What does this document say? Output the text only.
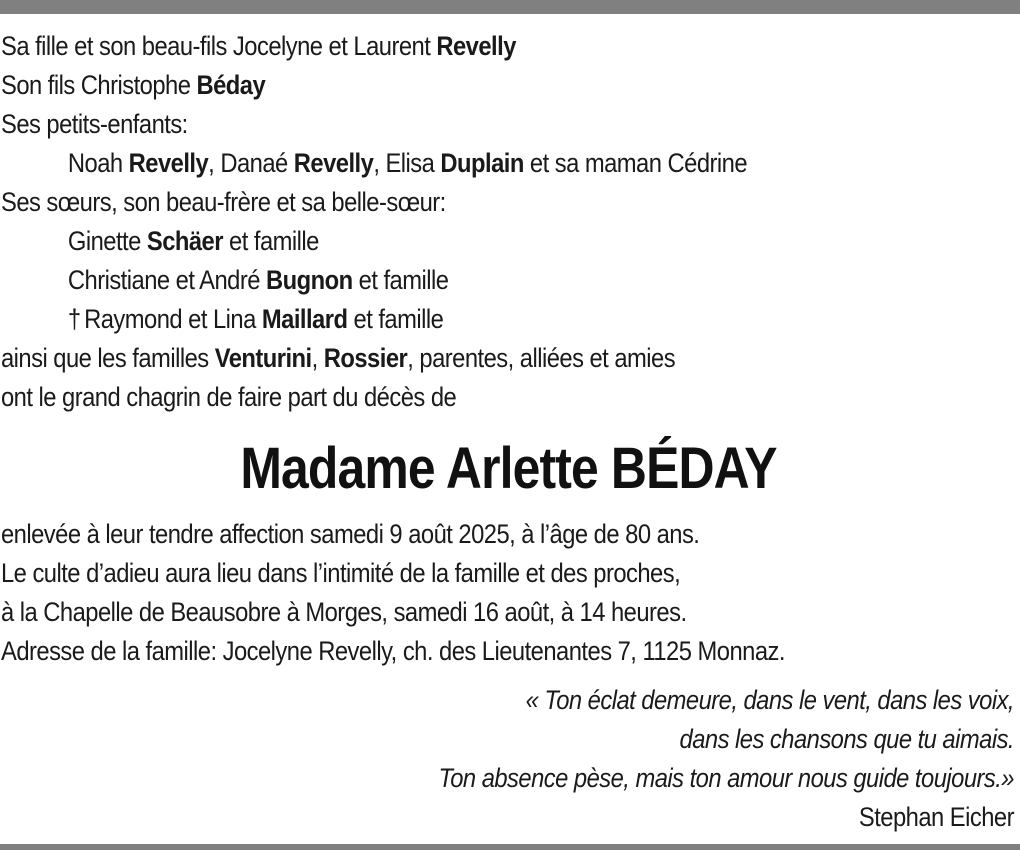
Sa fille et son beau-fils Jocelyne et Laurent Revelly
Son fils Christophe Béday
Ses petits-enfants:
Noah Revelly, Danaé Revelly, Elisa Duplain et sa maman Cédrine
Ses sœurs, son beau-frère et sa belle-sœur:
Ginette Schäer et famille
Christiane et André Bugnon et famille
† Raymond et Lina Maillard et famille
ainsi que les familles Venturini, Rossier, parentes, alliées et amies
ont le grand chagrin de faire part du décès de
Madame Arlette BÉDAY
enlevée à leur tendre affection samedi 9 août 2025, à l’âge de 80 ans.
Le culte d’adieu aura lieu dans l’intimité de la famille et des proches,
à la Chapelle de Beausobre à Morges, samedi 16 août, à 14 heures.
Adresse de la famille: Jocelyne Revelly, ch. des Lieutenantes 7, 1125 Monnaz.
« Ton éclat demeure, dans le vent, dans les voix,
dans les chansons que tu aimais.
Ton absence pèse, mais ton amour nous guide toujours.»
Stephan Eicher
